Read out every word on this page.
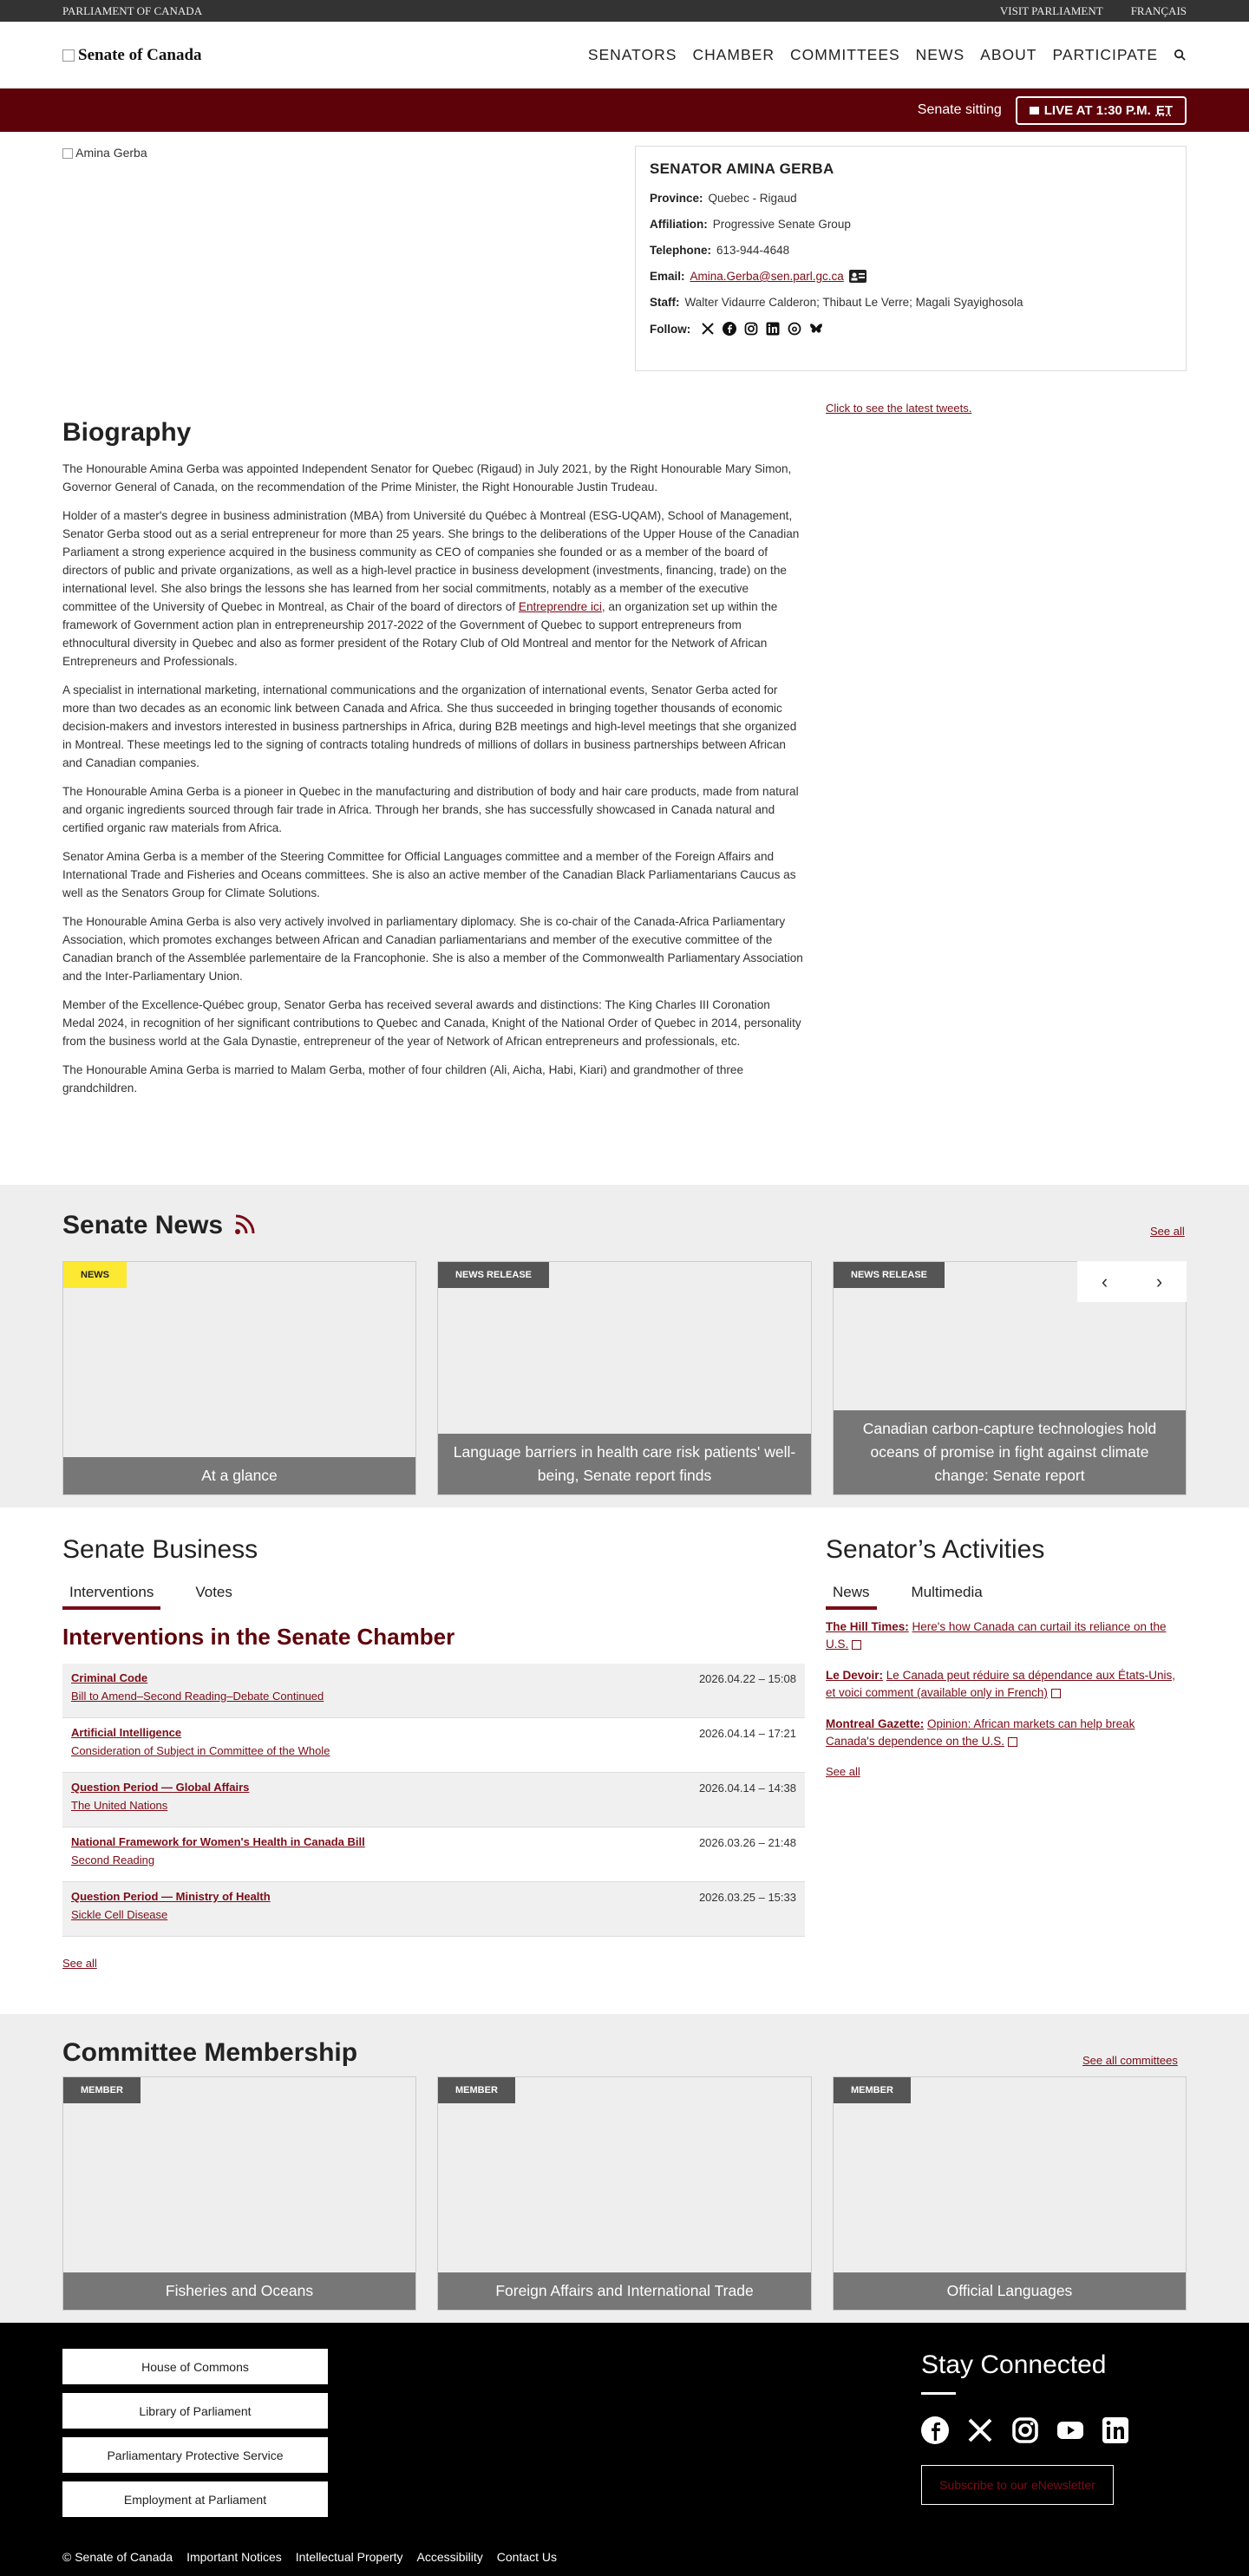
PARLIAMENT OF CANADA	VISIT PARLIAMENT FRANÇAIS
Senate of Canada	SENATORS CHAMBER COMMITTEES NEWS ABOUT PARTICIPATE
Senate sitting	LIVE AT 1:30 P.M. ET
Amina Gerba
SENATOR AMINA GERBA
Province: Quebec - Rigaud
Affiliation: Progressive Senate Group
Telephone: 613-944-4648
Email: Amina.Gerba@sen.parl.gc.ca
Staff: Walter Vidaurre Calderon; Thibaut Le Verre; Magali Syayighosola
Follow:
Click to see the latest tweets.
Biography

The Honourable Amina Gerba was appointed Independent Senator for Quebec (Rigaud) in July 2021, by the Right Honourable Mary Simon, Governor General of Canada, on the recommendation of the Prime Minister, the Right Honourable Justin Trudeau.

Holder of a master's degree in business administration (MBA) from Université du Québec à Montreal (ESG-UQAM), School of Management, Senator Gerba stood out as a serial entrepreneur for more than 25 years. She brings to the deliberations of the Upper House of the Canadian Parliament a strong experience acquired in the business community as CEO of companies she founded or as a member of the board of directors of public and private organizations, as well as a high-level practice in business development (investments, financing, trade) on the international level. She also brings the lessons she has learned from her social commitments, notably as a member of the executive committee of the University of Quebec in Montreal, as Chair of the board of directors of Entreprendre ici, an organization set up within the framework of Government action plan in entrepreneurship 2017-2022 of the Government of Quebec to support entrepreneurs from ethnocultural diversity in Quebec and also as former president of the Rotary Club of Old Montreal and mentor for the Network of African Entrepreneurs and Professionals.

A specialist in international marketing, international communications and the organization of international events, Senator Gerba acted for more than two decades as an economic link between Canada and Africa. She thus succeeded in bringing together thousands of economic decision-makers and investors interested in business partnerships in Africa, during B2B meetings and high-level meetings that she organized in Montreal. These meetings led to the signing of contracts totaling hundreds of millions of dollars in business partnerships between African and Canadian companies.

The Honourable Amina Gerba is a pioneer in Quebec in the manufacturing and distribution of body and hair care products, made from natural and organic ingredients sourced through fair trade in Africa. Through her brands, she has successfully showcased in Canada natural and certified organic raw materials from Africa.

Senator Amina Gerba is a member of the Steering Committee for Official Languages committee and a member of the Foreign Affairs and International Trade and Fisheries and Oceans committees. She is also an active member of the Canadian Black Parliamentarians Caucus as well as the Senators Group for Climate Solutions.

The Honourable Amina Gerba is also very actively involved in parliamentary diplomacy. She is co-chair of the Canada-Africa Parliamentary Association, which promotes exchanges between African and Canadian parliamentarians and member of the executive committee of the Canadian branch of the Assemblée parlementaire de la Francophonie. She is also a member of the Commonwealth Parliamentary Association and the Inter-Parliamentary Union.

Member of the Excellence-Québec group, Senator Gerba has received several awards and distinctions: The King Charles III Coronation Medal 2024, in recognition of her significant contributions to Quebec and Canada, Knight of the National Order of Quebec in 2014, personality from the business world at the Gala Dynastie, entrepreneur of the year of Network of African entrepreneurs and professionals, etc.

The Honourable Amina Gerba is married to Malam Gerba, mother of four children (Ali, Aicha, Habi, Kiari) and grandmother of three grandchildren.

Senate News	See all
NEWS
At a glance
NEWS RELEASE
Language barriers in health care risk patients' well-being, Senate report finds
NEWS RELEASE
Canadian carbon-capture technologies hold oceans of promise in fight against climate change: Senate report
‹	›
Senate Business
Interventions	Votes
Interventions in the Senate Chamber
Criminal Code
Bill to Amend–Second Reading–Debate Continued
2026.04.22 – 15:08
Artificial Intelligence
Consideration of Subject in Committee of the Whole
2026.04.14 – 17:21
Question Period — Global Affairs
The United Nations
2026.04.14 – 14:38
National Framework for Women's Health in Canada Bill
Second Reading
2026.03.26 – 21:48
Question Period — Ministry of Health
Sickle Cell Disease
2026.03.25 – 15:33
See all
Senator’s Activities
News	Multimedia

The Hill Times: Here's how Canada can curtail its reliance on the U.S.

Le Devoir: Le Canada peut réduire sa dépendance aux États-Unis, et voici comment (available only in French)

Montreal Gazette: Opinion: African markets can help break Canada's dependence on the U.S.

See all
Committee Membership	See all committees
MEMBER
Fisheries and Oceans
MEMBER
Foreign Affairs and International Trade
MEMBER
Official Languages
House of Commons
Library of Parliament
Parliamentary Protective Service
Employment at Parliament
Stay Connected
Subscribe to our eNewsletter
© Senate of Canada Important Notices Intellectual Property Accessibility Contact Us
